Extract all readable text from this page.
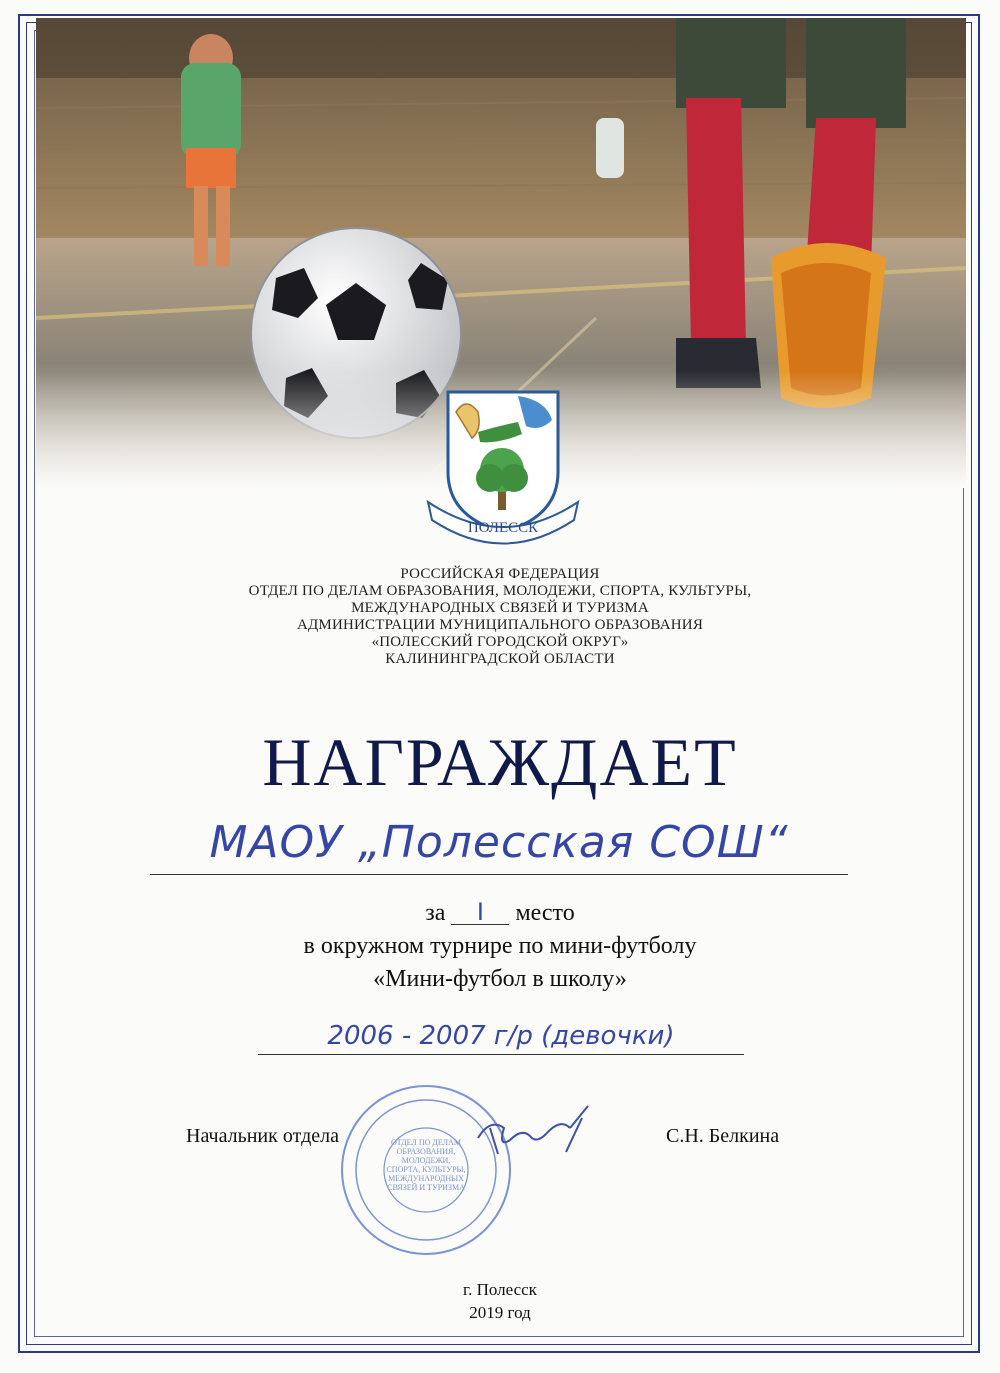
ПОЛЕССК
РОССИЙСКАЯ ФЕДЕРАЦИЯ
ОТДЕЛ ПО ДЕЛАМ ОБРАЗОВАНИЯ, МОЛОДЕЖИ, СПОРТА, КУЛЬТУРЫ,
МЕЖДУНАРОДНЫХ СВЯЗЕЙ И ТУРИЗМА
АДМИНИСТРАЦИИ МУНИЦИПАЛЬНОГО ОБРАЗОВАНИЯ
«ПОЛЕССКИЙ ГОРОДСКОЙ ОКРУГ»
КАЛИНИНГРАДСКОЙ ОБЛАСТИ
НАГРАЖДАЕТ
МАОУ „Полесская СОШ“
за I место
в окружном турнире по мини-футболу
«Мини-футбол в школу»
2006 - 2007 г/р (девочки)
ОТДЕЛ ПО ДЕЛАМ ОБРАЗОВАНИЯ, МОЛОДЕЖИ, СПОРТА, КУЛЬТУРЫ, МЕЖДУНАРОДНЫХ СВЯЗЕЙ И ТУРИЗМА
Начальник отдела	С.Н. Белкина
г. Полесск
2019 год
